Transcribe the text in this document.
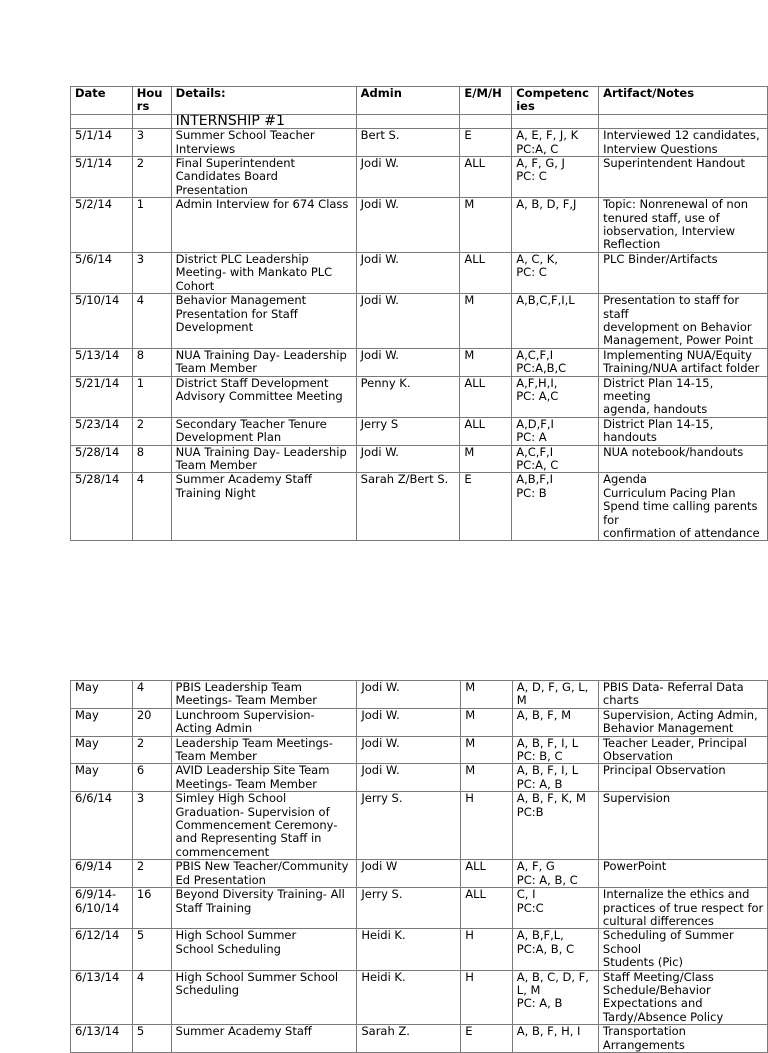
Date	Hou
rs	Details:	Admin	E/M/H	Competenc
ies	Artifact/Notes
		INTERNSHIP #1				
5/1/14	3	Summer School Teacher
Interviews	Bert S.	E	A, E, F, J, K
PC:A, C	Interviewed 12 candidates,
Interview Questions
5/1/14	2	Final Superintendent
Candidates Board
Presentation	Jodi W.	ALL	A, F, G, J
PC: C	Superintendent Handout
5/2/14	1	Admin Interview for 674 Class	Jodi W.	M	A, B, D, F,J	Topic: Nonrenewal of non
tenured staff, use of
iobservation, Interview
Reflection
5/6/14	3	District PLC Leadership
Meeting- with Mankato PLC
Cohort	Jodi W.	ALL	A, C, K,
PC: C	PLC Binder/Artifacts
5/10/14	4	Behavior Management
Presentation for Staff
Development	Jodi W.	M	A,B,C,F,I,L	Presentation to staff for staff
development on Behavior
Management, Power Point
5/13/14	8	NUA Training Day- Leadership
Team Member	Jodi W.	M	A,C,F,I
PC:A,B,C	Implementing NUA/Equity
Training/NUA artifact folder
5/21/14	1	District Staff Development
Advisory Committee Meeting	Penny K.	ALL	A,F,H,I,
PC: A,C	District Plan 14-15, meeting
agenda, handouts
5/23/14	2	Secondary Teacher Tenure
Development Plan	Jerry S	ALL	A,D,F,I
PC: A	District Plan 14-15, handouts
5/28/14	8	NUA Training Day- Leadership
Team Member	Jodi W.	M	A,C,F,I
PC:A, C	NUA notebook/handouts
5/28/14	4	Summer Academy Staff
Training Night	Sarah Z/Bert S.	E	A,B,F,I
PC: B	Agenda
Curriculum Pacing Plan
Spend time calling parents for
confirmation of attendance
May	4	PBIS Leadership Team
Meetings- Team Member	Jodi W.	M	A, D, F, G, L,
M	PBIS Data- Referral Data
charts
May	20	Lunchroom Supervision-
Acting Admin	Jodi W.	M	A, B, F, M	Supervision, Acting Admin,
Behavior Management
May	2	Leadership Team Meetings-
Team Member	Jodi W.	M	A, B, F, I, L
PC: B, C	Teacher Leader, Principal
Observation
May	6	AVID Leadership Site Team
Meetings- Team Member	Jodi W.	M	A, B, F, I, L
PC: A, B	Principal Observation
6/6/14	3	Simley High School
Graduation- Supervision of
Commencement Ceremony-
and Representing Staff in
commencement	Jerry S.	H	A, B, F, K, M
PC:B	Supervision
6/9/14	2	PBIS New Teacher/Community
Ed Presentation	Jodi W	ALL	A, F, G
PC: A, B, C	PowerPoint
6/9/14-
6/10/14	16	Beyond Diversity Training- All
Staff Training	Jerry S.	ALL	C, I
PC:C	Internalize the ethics and
practices of true respect for
cultural differences
6/12/14	5	High School Summer
School Scheduling	Heidi K.	H	A, B,F,L,
PC:A, B, C	Scheduling of Summer School
Students (Pic)
6/13/14	4	High School Summer School
Scheduling	Heidi K.	H	A, B, C, D, F,
L, M
PC: A, B	Staff Meeting/Class
Schedule/Behavior
Expectations and
Tardy/Absence Policy
6/13/14	5	Summer Academy Staff	Sarah Z.	E	A, B, F, H, I	Transportation Arrangements
